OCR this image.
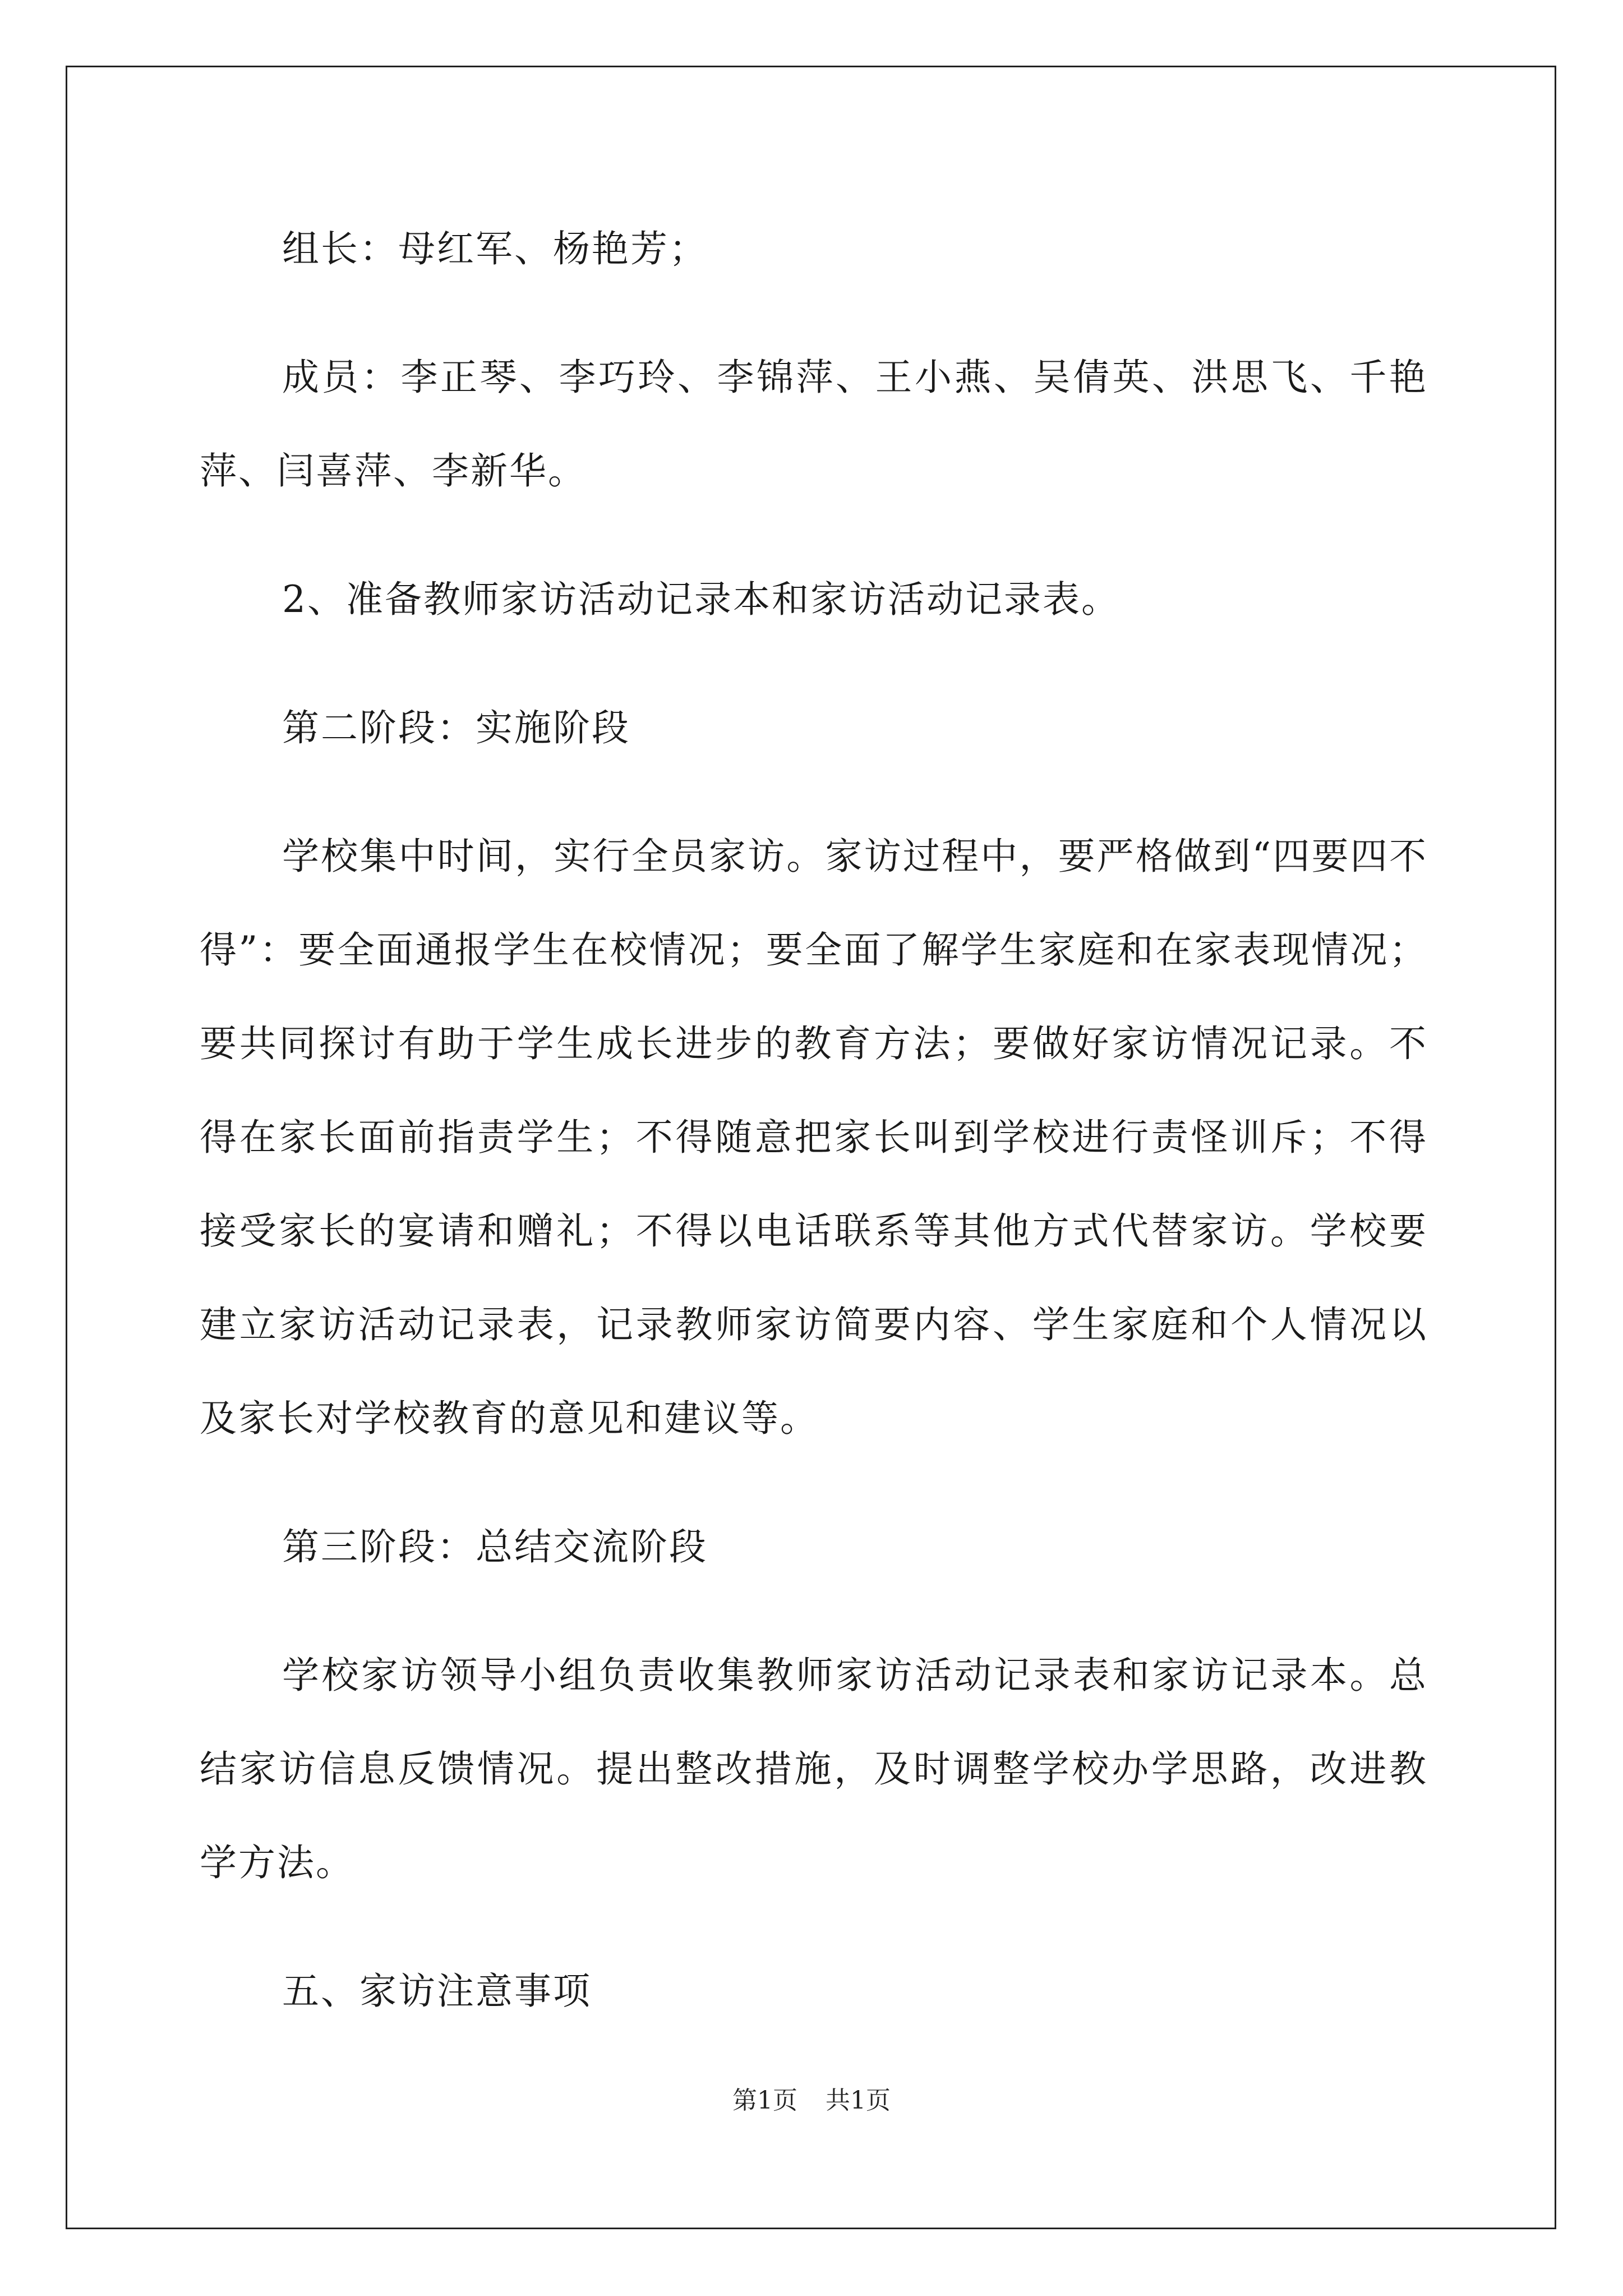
组长：母红军、杨艳芳；

成员：李正琴、李巧玲、李锦萍、王小燕、吴倩英、洪思飞、千艳萍、闫喜萍、李新华。

2、准备教师家访活动记录本和家访活动记录表。

第二阶段：实施阶段

学校集中时间，实行全员家访。家访过程中，要严格做到“四要四不得”：要全面通报学生在校情况；要全面了解学生家庭和在家表现情况；要共同探讨有助于学生成长进步的教育方法；要做好家访情况记录。不得在家长面前指责学生；不得随意把家长叫到学校进行责怪训斥；不得接受家长的宴请和赠礼；不得以电话联系等其他方式代替家访。学校要建立家访活动记录表，记录教师家访简要内容、学生家庭和个人情况以及家长对学校教育的意见和建议等。

第三阶段：总结交流阶段

学校家访领导小组负责收集教师家访活动记录表和家访记录本。总结家访信息反馈情况。提出整改措施，及时调整学校办学思路，改进教学方法。

五、家访注意事项

第1页 共1页
